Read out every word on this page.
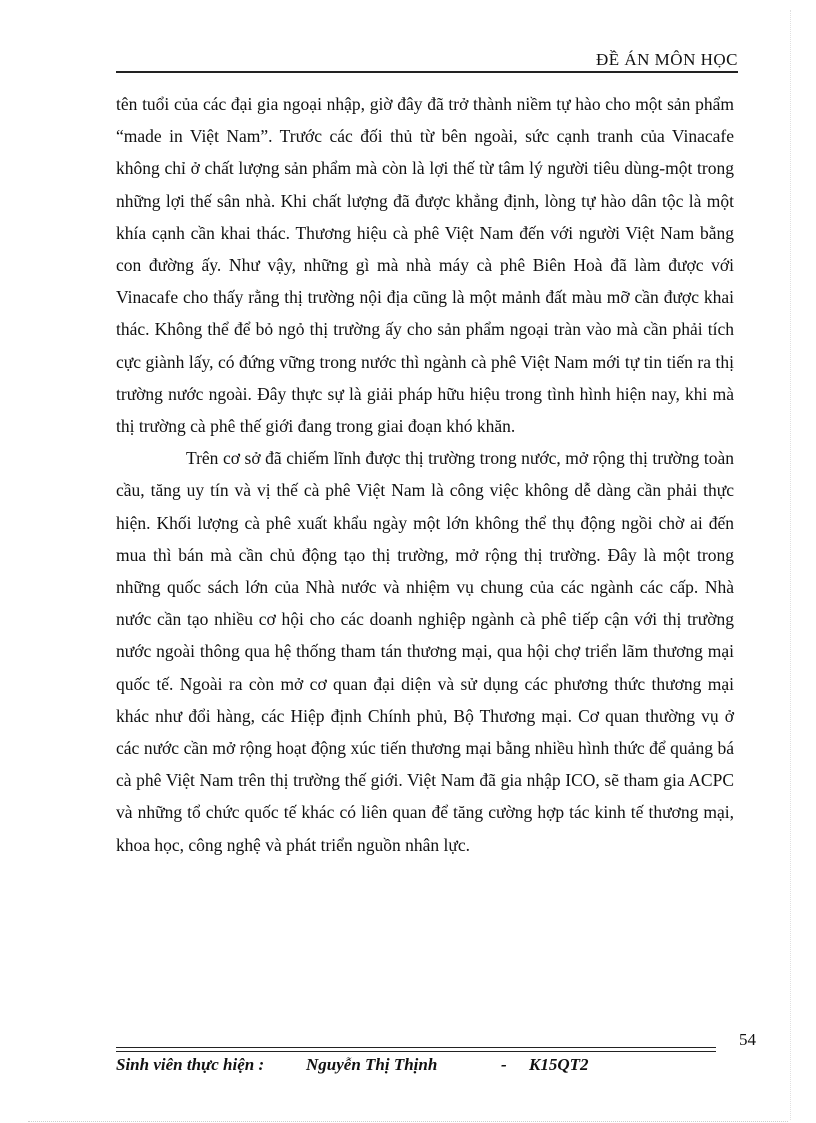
ĐỀ ÁN MÔN HỌC

tên tuổi của các đại gia ngoại nhập, giờ đây đã trở thành niềm tự hào cho một sản phẩm “made in Việt Nam”. Trước các đối thủ từ bên ngoài, sức cạnh tranh của Vinacafe không chỉ ở chất lượng sản phẩm mà còn là lợi thế từ tâm lý người tiêu dùng-một trong những lợi thế sân nhà. Khi chất lượng đã được khẳng định, lòng tự hào dân tộc là một khía cạnh cần khai thác. Thương hiệu cà phê Việt Nam đến với người Việt Nam bằng con đường ấy. Như vậy, những gì mà nhà máy cà phê Biên Hoà đã làm được với Vinacafe cho thấy rằng thị trường nội địa cũng là một mảnh đất màu mỡ cần được khai thác. Không thể để bỏ ngỏ thị trường ấy cho sản phẩm ngoại tràn vào mà cần phải tích cực giành lấy, có đứng vững trong nước thì ngành cà phê Việt Nam mới tự tin tiến ra thị trường nước ngoài. Đây thực sự là giải pháp hữu hiệu trong tình hình hiện nay, khi mà thị trường cà phê thế giới đang trong giai đoạn khó khăn.

Trên cơ sở đã chiếm lĩnh được thị trường trong nước, mở rộng thị trường toàn cầu, tăng uy tín và vị thế cà phê Việt Nam là công việc không dễ dàng cần phải thực hiện. Khối lượng cà phê xuất khẩu ngày một lớn không thể thụ động ngồi chờ ai đến mua thì bán mà cần chủ động tạo thị trường, mở rộng thị trường. Đây là một trong những quốc sách lớn của Nhà nước và nhiệm vụ chung của các ngành các cấp. Nhà nước cần tạo nhiều cơ hội cho các doanh nghiệp ngành cà phê tiếp cận với thị trường nước ngoài thông qua hệ thống tham tán thương mại, qua hội chợ triển lãm thương mại quốc tế. Ngoài ra còn mở cơ quan đại diện và sử dụng các phương thức thương mại khác như đổi hàng, các Hiệp định Chính phủ, Bộ Thương mại. Cơ quan thường vụ ở các nước cần mở rộng hoạt động xúc tiến thương mại bằng nhiều hình thức để quảng bá cà phê Việt Nam trên thị trường thế giới. Việt Nam đã gia nhập ICO, sẽ tham gia ACPC và những tổ chức quốc tế khác có liên quan để tăng cường hợp tác kinh tế thương mại, khoa học, công nghệ và phát triển nguồn nhân lực.

54
Sinh viên thực hiện : Nguyễn Thị Thịnh	- K15QT2
